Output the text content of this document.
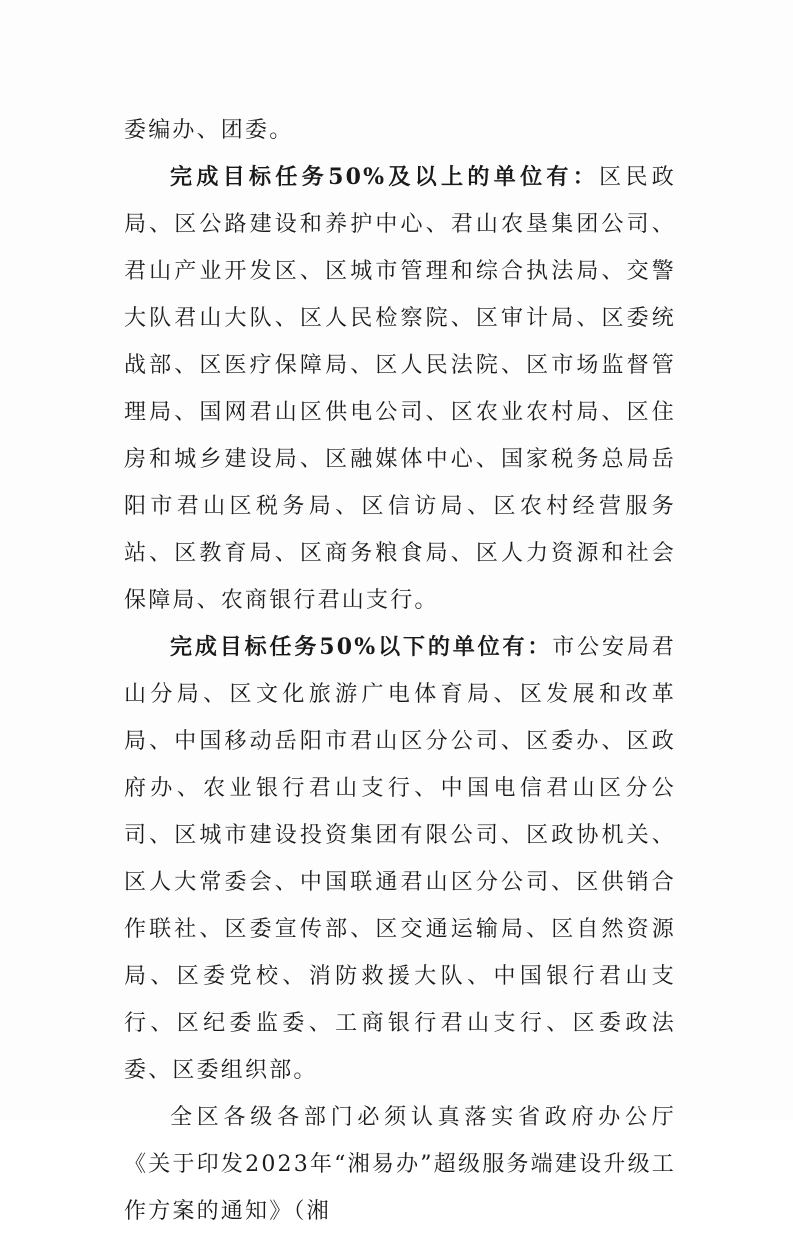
委编办、团委。

完成目标任务50%及以上的单位有：区民政局、区公路建设和养护中心、君山农垦集团公司、君山产业开发区、区城市管理和综合执法局、交警大队君山大队、区人民检察院、区审计局、区委统战部、区医疗保障局、区人民法院、区市场监督管理局、国网君山区供电公司、区农业农村局、区住房和城乡建设局、区融媒体中心、国家税务总局岳阳市君山区税务局、区信访局、区农村经营服务站、区教育局、区商务粮食局、区人力资源和社会保障局、农商银行君山支行。

完成目标任务50%以下的单位有：市公安局君山分局、区文化旅游广电体育局、区发展和改革局、中国移动岳阳市君山区分公司、区委办、区政府办、农业银行君山支行、中国电信君山区分公司、区城市建设投资集团有限公司、区政协机关、区人大常委会、中国联通君山区分公司、区供销合作联社、区委宣传部、区交通运输局、区自然资源局、区委党校、消防救援大队、中国银行君山支行、区纪委监委、工商银行君山支行、区委政法委、区委组织部。

全区各级各部门必须认真落实省政府办公厅《关于印发2023年“湘易办”超级服务端建设升级工作方案的通知》（湘
